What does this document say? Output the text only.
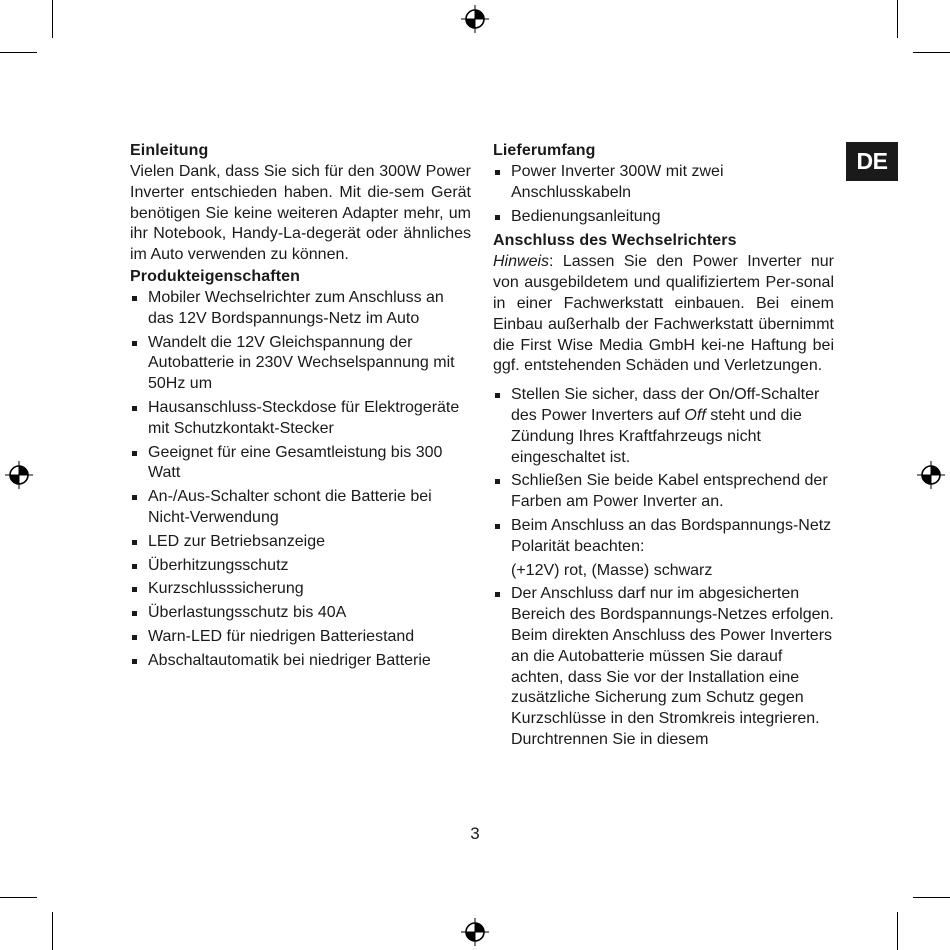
Einleitung

Vielen Dank, dass Sie sich für den 300W Power Inverter entschieden haben. Mit die-sem Gerät benötigen Sie keine weiteren Adapter mehr, um ihr Notebook, Handy-La-degerät oder ähnliches im Auto verwenden zu können.

Produkteigenschaften
Mobiler Wechselrichter zum Anschluss an das 12V Bordspannungs-Netz im Auto
Wandelt die 12V Gleichspannung der Autobatterie in 230V Wechselspannung mit 50Hz um
Hausanschluss-Steckdose für Elektrogeräte mit Schutzkontakt-Stecker
Geeignet für eine Gesamtleistung bis 300 Watt
An-/Aus-Schalter schont die Batterie bei Nicht-Verwendung
LED zur Betriebsanzeige
Überhitzungsschutz
Kurzschlusssicherung
Überlastungsschutz bis 40A
Warn-LED für niedrigen Batteriestand
Abschaltautomatik bei niedriger Batterie
Lieferumfang
Power Inverter 300W mit zwei Anschlusskabeln
Bedienungsanleitung
Anschluss des Wechselrichters

Hinweis: Lassen Sie den Power Inverter nur von ausgebildetem und qualifiziertem Per-sonal in einer Fachwerkstatt einbauen. Bei einem Einbau außerhalb der Fachwerkstatt übernimmt die First Wise Media GmbH kei-ne Haftung bei ggf. entstehenden Schäden und Verletzungen.

Stellen Sie sicher, dass der On/Off-Schalter des Power Inverters auf Off steht und die Zündung Ihres Kraftfahrzeugs nicht eingeschaltet ist.
Schließen Sie beide Kabel entsprechend der Farben am Power Inverter an.
Beim Anschluss an das Bordspannungs-Netz Polarität beachten:
(+12V) rot, (Masse) schwarz
Der Anschluss darf nur im abgesicherten Bereich des Bordspannungs-Netzes erfolgen. Beim direkten Anschluss des Power Inverters an die Autobatterie müssen Sie darauf achten, dass Sie vor der Installation eine zusätzliche Sicherung zum Schutz gegen Kurzschlüsse in den Stromkreis integrieren. Durchtrennen Sie in diesem
DE
3
